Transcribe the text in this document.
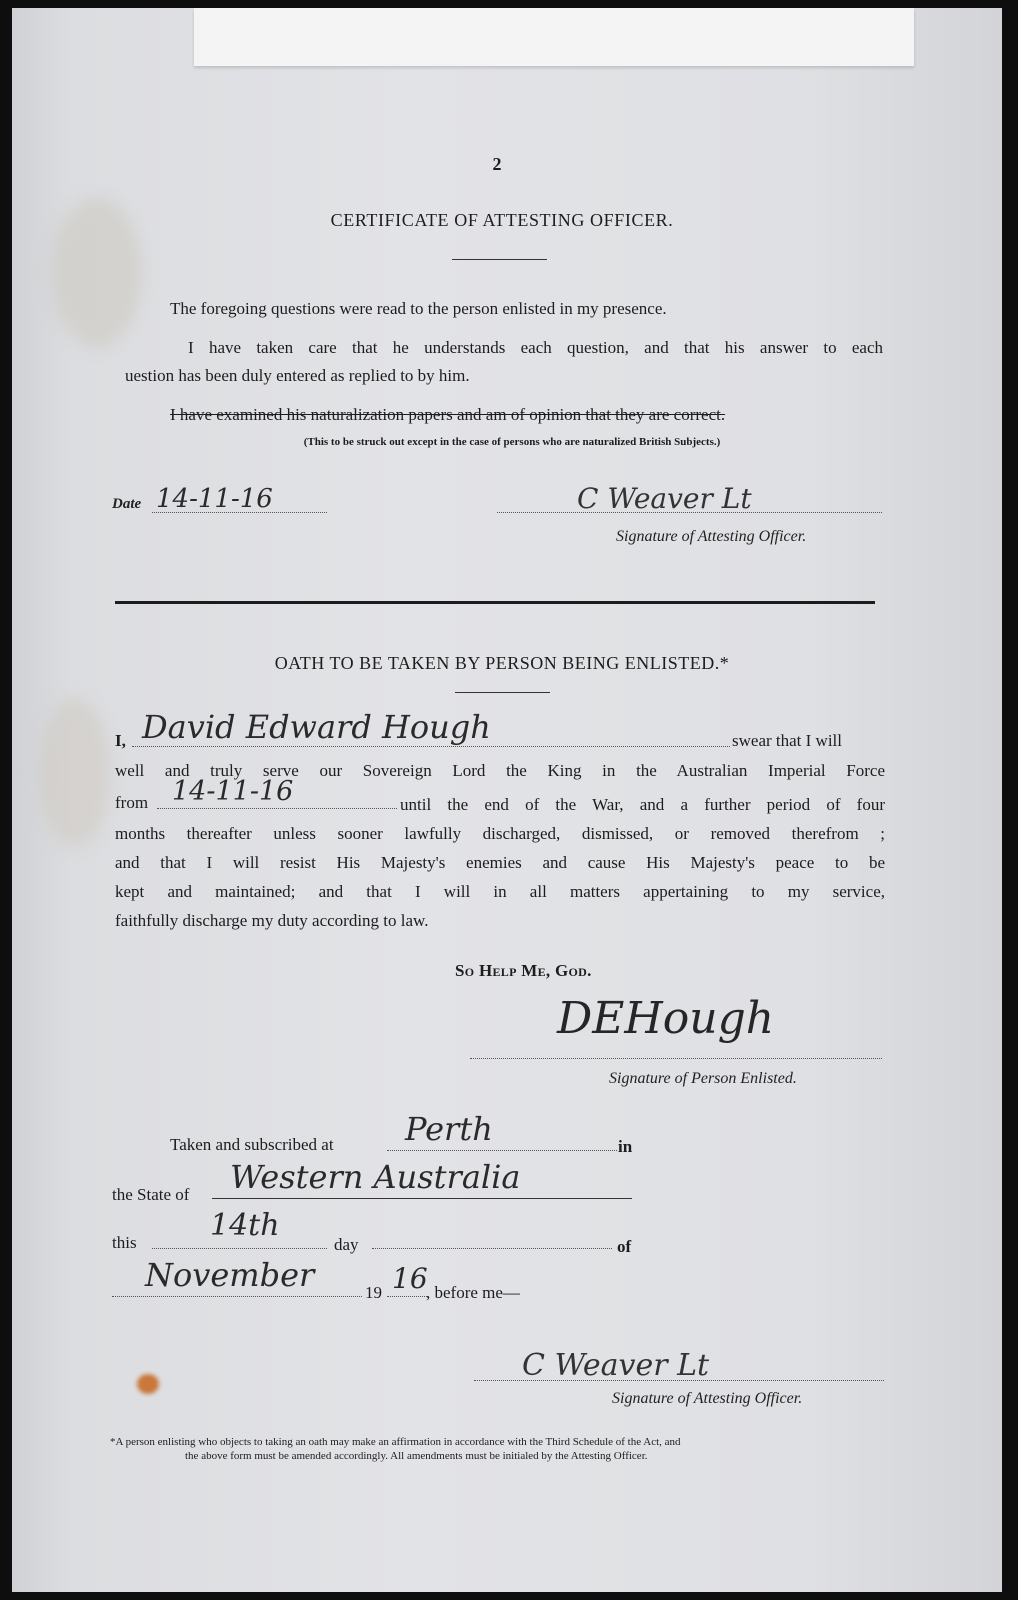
2
CERTIFICATE OF ATTESTING OFFICER.
The foregoing questions were read to the person enlisted in my presence.
I have taken care that he understands each question, and that his answer to each
uestion has been duly entered as replied to by him.
I have examined his naturalization papers and am of opinion that they are correct.
(This to be struck out except in the case of persons who are naturalized British Subjects.)
Date 14-11-16	C Weaver Lt
Signature of Attesting Officer.
OATH TO BE TAKEN BY PERSON BEING ENLISTED.*
I, David Edward Hough	swear that I will
well and truly serve our Sovereign Lord the King in the Australian Imperial Force
from 14-11-16	until the end of the War, and a further period of four
months thereafter unless sooner lawfully discharged, dismissed, or removed therefrom ;
and that I will resist His Majesty's enemies and cause His Majesty's peace to be
kept and maintained; and that I will in all matters appertaining to my service,
faithfully discharge my duty according to law.
So Help Me, God.
DEHough
Signature of Person Enlisted.
Taken and subscribed at Perth	in
the State of Western Australia
this 14th
day	of
November	19 16
, before me—
C Weaver Lt
Signature of Attesting Officer.
*A person enlisting who objects to taking an oath may make an affirmation in accordance with the Third Schedule of the Act, and
the above form must be amended accordingly. All amendments must be initialed by the Attesting Officer.
